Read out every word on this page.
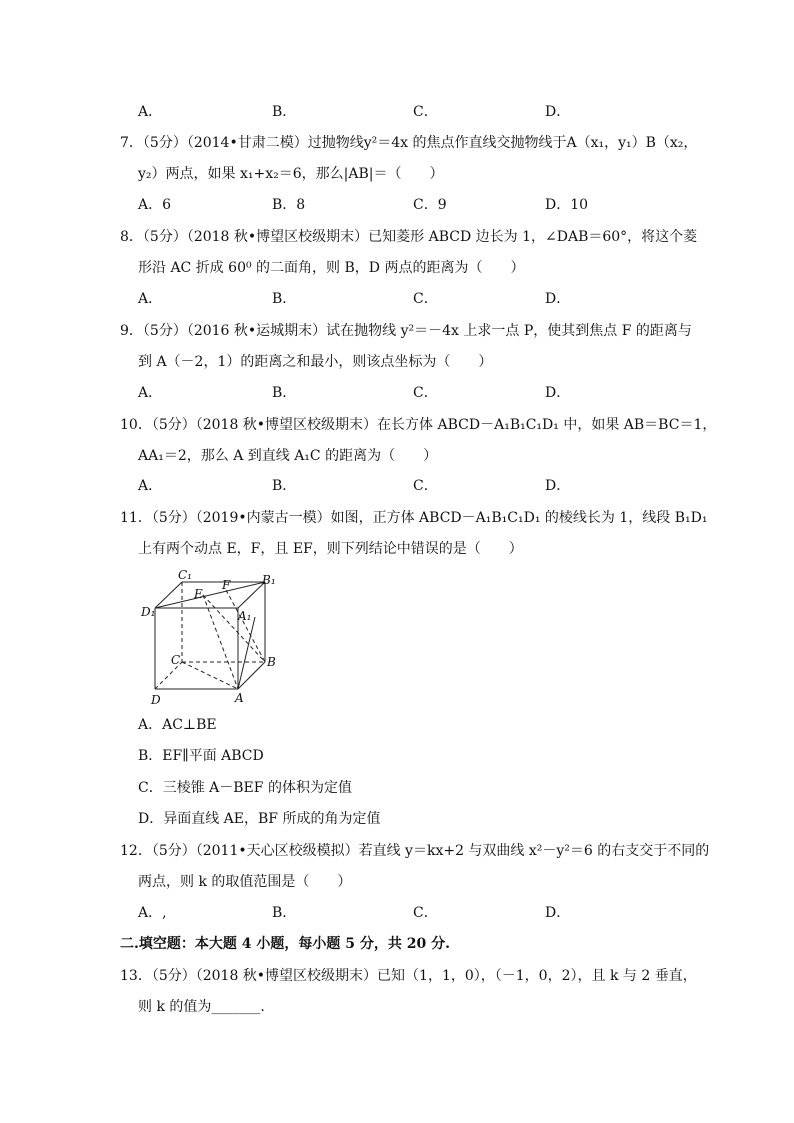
A．	B．	C．	D．
7．（5分）（2014•甘肃二模）过抛物线y²＝4x 的焦点作直线交抛物线于A（x₁，y₁）B（x₂，
y₂）两点，如果 x₁+x₂＝6，那么|AB|＝（　　）
A．6	B．8	C．9	D．10
8．（5分）（2018 秋•博望区校级期末）已知菱形 ABCD 边长为 1，∠DAB＝60°，将这个菱
形沿 AC 折成 60⁰ 的二面角，则 B，D 两点的距离为（　　）
A．	B．	C．	D．
9．（5分）（2016 秋•运城期末）试在抛物线 y²＝－4x 上求一点 P，使其到焦点 F 的距离与
到 A（－2，1）的距离之和最小，则该点坐标为（　　）
A．	B．	C．	D．
10．（5分）（2018 秋•博望区校级期末）在长方体 ABCD－A₁B₁C₁D₁ 中，如果 AB＝BC＝1，
AA₁＝2，那么 A 到直线 A₁C 的距离为（　　）
A．	B．	C．	D．
11．（5分）（2019•内蒙古一模）如图，正方体 ABCD－A₁B₁C₁D₁ 的棱线长为 1，线段 B₁D₁
上有两个动点 E，F，且 EF，则下列结论中错误的是（　　）
C₁	B₁
D₁	A₁
E
F
C	B
D	A
A．AC⊥BE
B．EF∥平面 ABCD
C．三棱锥 A－BEF 的体积为定值
D．异面直线 AE，BF 所成的角为定值
12．（5分）（2011•天心区校级模拟）若直线 y＝kx+2 与双曲线 x²－y²＝6 的右支交于不同的
两点，则 k 的取值范围是（　　）
A．,	B．	C．	D．
二.填空题：本大题 4 小题，每小题 5 分，共 20 分.
13．（5分）（2018 秋•博望区校级期末）已知（1，1，0），（－1，0，2），且 k 与 2 垂直，
则 k 的值为_______.
